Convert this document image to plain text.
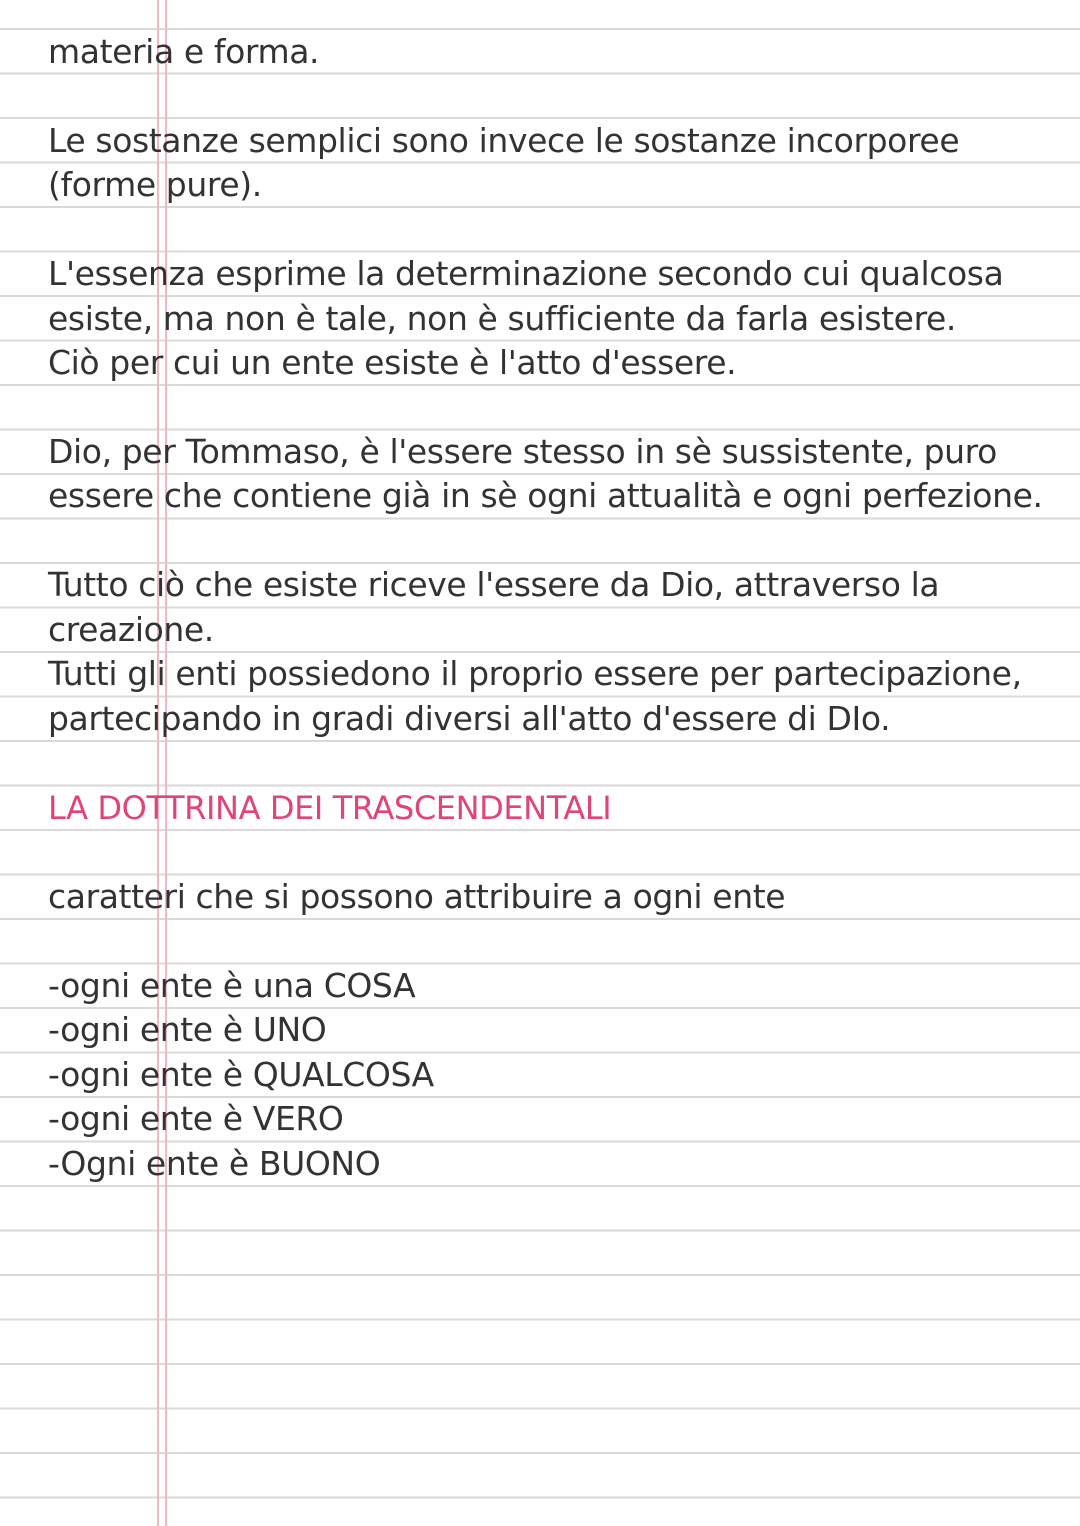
materia e forma.
Le sostanze semplici sono invece le sostanze incorporee
(forme pure).
L'essenza esprime la determinazione secondo cui qualcosa
esiste, ma non è tale, non è sufficiente da farla esistere.
Ciò per cui un ente esiste è l'atto d'essere.
Dio, per Tommaso, è l'essere stesso in sè sussistente, puro
essere che contiene già in sè ogni attualità e ogni perfezione.
Tutto ciò che esiste riceve l'essere da Dio, attraverso la
creazione.
Tutti gli enti possiedono il proprio essere per partecipazione,
partecipando in gradi diversi all'atto d'essere di DIo.
LA DOTTRINA DEI TRASCENDENTALI
caratteri che si possono attribuire a ogni ente
-ogni ente è una COSA
-ogni ente è UNO
-ogni ente è QUALCOSA
-ogni ente è VERO
-Ogni ente è BUONO
